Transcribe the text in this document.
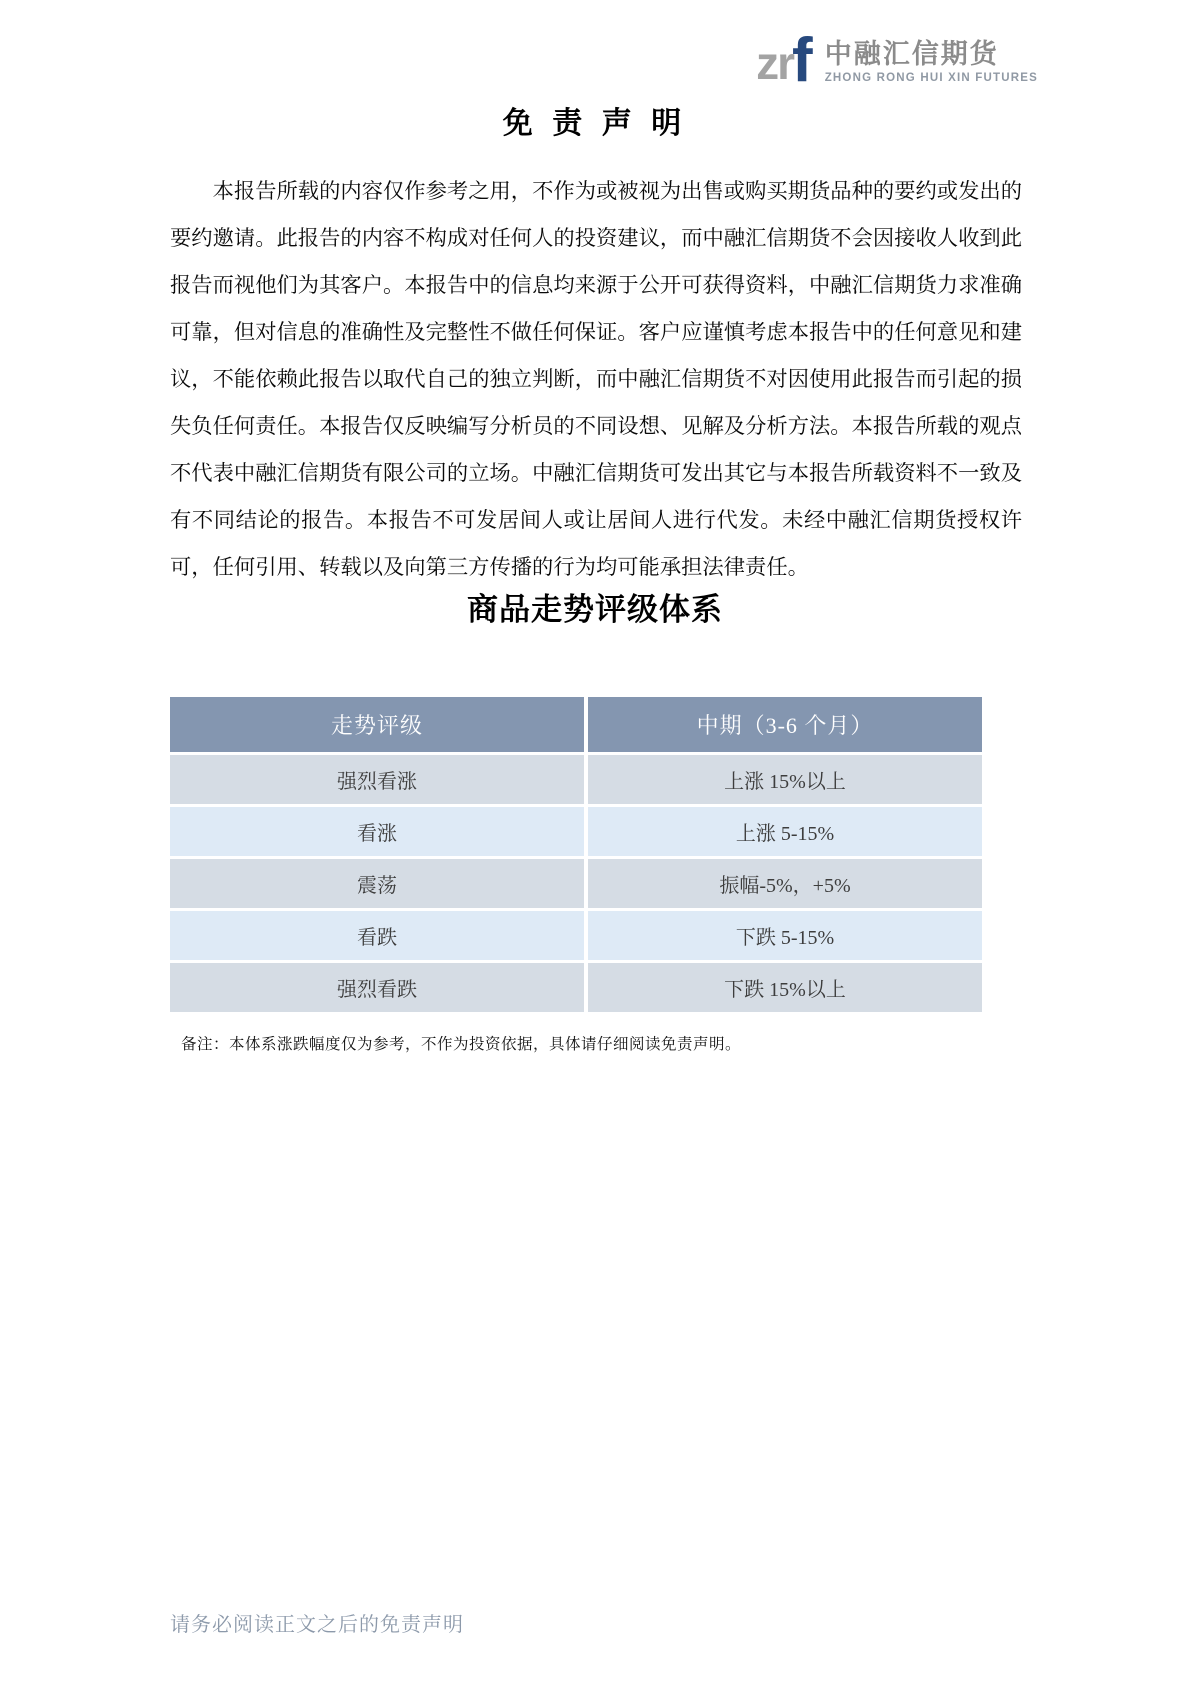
zr f 中融汇信期货
ZHONG RONG HUI XIN FUTURES
免 责 声 明

本报告所载的内容仅作参考之用，不作为或被视为出售或购买期货品种的要约或发出的要约邀请。此报告的内容不构成对任何人的投资建议，而中融汇信期货不会因接收人收到此报告而视他们为其客户。本报告中的信息均来源于公开可获得资料，中融汇信期货力求准确可靠，但对信息的准确性及完整性不做任何保证。客户应谨慎考虑本报告中的任何意见和建议，不能依赖此报告以取代自己的独立判断，而中融汇信期货不对因使用此报告而引起的损失负任何责任。本报告仅反映编写分析员的不同设想、见解及分析方法。本报告所载的观点不代表中融汇信期货有限公司的立场。中融汇信期货可发出其它与本报告所载资料不一致及有不同结论的报告。本报告不可发居间人或让居间人进行代发。未经中融汇信期货授权许可，任何引用、转载以及向第三方传播的行为均可能承担法律责任。

商品走势评级体系
走势评级	中期（3-6 个月）
强烈看涨	上涨 15%以上
看涨	上涨 5-15%
震荡	振幅-5%，+5%
看跌	下跌 5-15%
强烈看跌	下跌 15%以上

备注：本体系涨跌幅度仅为参考，不作为投资依据，具体请仔细阅读免责声明。

请务必阅读正文之后的免责声明
